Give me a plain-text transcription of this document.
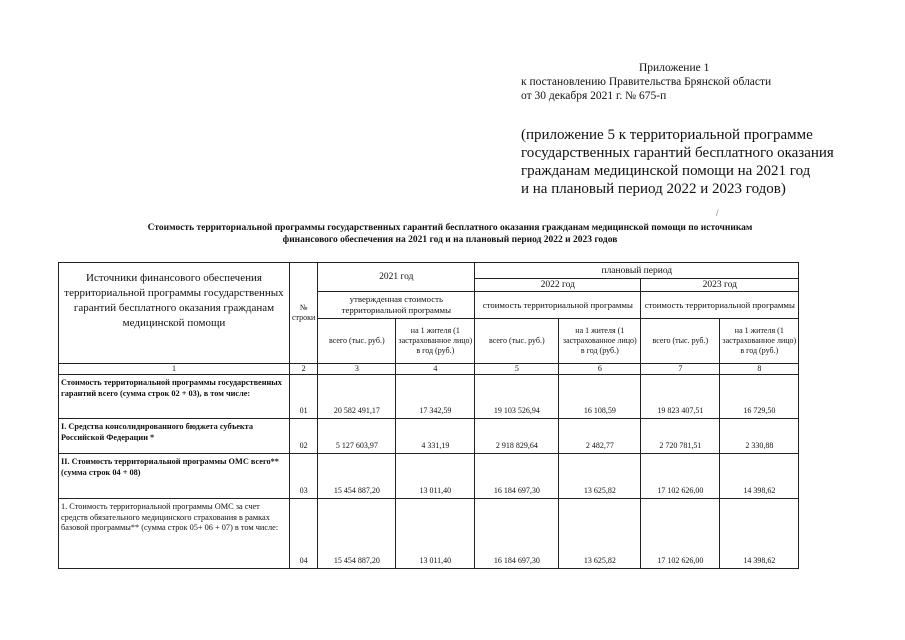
Приложение 1
к постановлению Правительства Брянской области
от 30 декабря 2021 г. № 675-п
(приложение 5 к территориальной программе
государственных гарантий бесплатного оказания
гражданам медицинской помощи на 2021 год
и на плановый период 2022 и 2023 годов)
/
Стоимость территориальной программы государственных гарантий бесплатного оказания гражданам медицинской помощи по источникам
финансового обеспечения на 2021 год и на плановый период 2022 и 2023 годов
Источники финансового обеспечения территориальной программы государственных гарантий бесплатного оказания гражданам медицинской помощи	№ строки	2021 год		плановый период			
				2022 год		2023 год	
		утвержденная стоимость территориальной программы		стоимость территориальной программы		стоимость территориальной программы	
		всего (тыс. руб.)	на 1 жителя (1 застрахованное лицо) в год (руб.)	всего (тыс. руб.)	на 1 жителя (1 застрахованное лицо) в год (руб.)	всего (тыс. руб.)	на 1 жителя (1 застрахованное лицо) в год (руб.)
1	2	3	4	5	6	7	8
Стоимость территориальной программы государственных гарантий всего (сумма строк 02 + 03), в том числе:	01	20 582 491,17	17 342,59	19 103 526,94	16 108,59	19 823 407,51	16 729,50
I. Средства консолидированного бюджета субъекта Российской Федерации *	02	5 127 603,97	4 331,19	2 918 829,64	2 482,77	2 720 781,51	2 330,88
II. Стоимость территориальной программы ОМС всего** (сумма строк 04 + 08)	03	15 454 887,20	13 011,40	16 184 697,30	13 625,82	17 102 626,00	14 398,62
1. Стоимость территориальной программы ОМС за счет средств обязательного медицинского страхования в рамках базовой программы** (сумма строк 05+ 06 + 07) в том числе:	04	15 454 887,20	13 011,40	16 184 697,30	13 625,82	17 102 626,00	14 398,62
